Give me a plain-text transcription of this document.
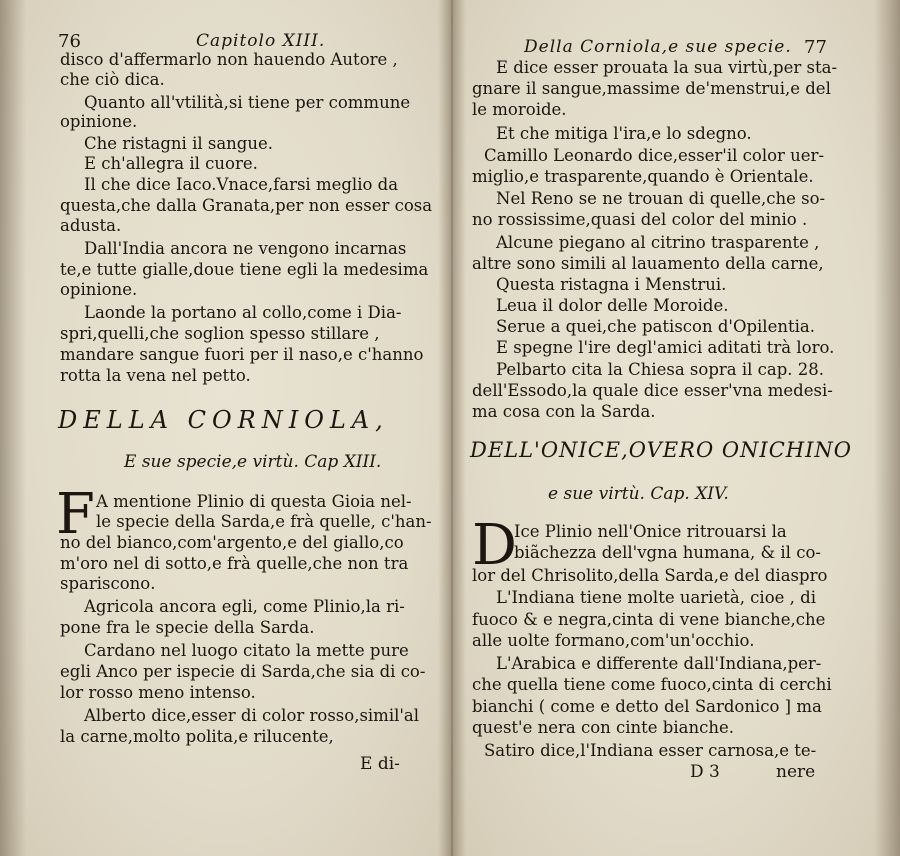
76	Capitolo XIII.
disco d'affermarlo non hauendo Autore ,
che ciò dica.
Quanto all'vtilità,si tiene per commune
opinione.
Che ristagni il sangue.
E ch'allegra il cuore.
Il che dice Iaco.Vnace,farsi meglio da
questa,che dalla Granata,per non esser cosa
adusta.
Dall'India ancora ne vengono incarnas
te,e tutte gialle,doue tiene egli la medesima
opinione.
Laonde la portano al collo,come i Dia-
spri,quelli,che soglion spesso stillare ,
mandare sangue fuori per il naso,e c'hanno
rotta la vena nel petto.
DELLA CORNIOLA,
E sue specie,e virtù. Cap XIII.
F A mentione Plinio di questa Gioia nel-
le specie della Sarda,e frà quelle, c'han-
no del bianco,com'argento,e del giallo,co
m'oro nel di sotto,e frà quelle,che non tra
sparisconο.
Agricola ancora egli, come Plinio,la ri-
pone fra le specie della Sarda.
Cardano nel luogo citato la mette pure
egli Anco per ispecie di Sarda,che sia di co-
lor rosso meno intenso.
Alberto dice,esser di color rosso,simil'al
la carne,molto polita,e rilucente,
E di-
Della Corniola,e sue specie. 77
E dice esser prouata la sua virtù,per sta-
gnare il sangue,massime de'menstrui,e del
le moroide.
Et che mitiga l'ira,e lo sdegno.
Camillo Leonardo dice,esser'il color uer-
miglio,e trasparente,quando è Orientale.
Nel Reno se ne trouan di quelle,che so-
no rossissime,quasi del color del minio .
Alcune piegano al citrino trasparente ,
altre sono simili al lauamento della carne,
Questa ristagna i Menstrui.
Leua il dolor delle Moroide.
Serue a quei,che patiscon d'Opilentia.
E spegne l'ire degl'amici aditati trà loro.
Pelbarto cita la Chiesa sopra il cap. 28.
dell'Essodo,la quale dice esser'vna medesi-
ma cosa con la Sarda.
DELL'ONICE,OVERO ONICHINO
e sue virtù. Cap. XIV.
D
Ice Plinio nell'Onice ritrouarsi la
biãchezza dell'vgna humana, & il co-
lor del Chrisolito,della Sarda,e del diaspro
L'Indiana tiene molte uarietà, cioe , di
fuoco & e negra,cinta di vene bianche,che
alle uolte formano,com'un'occhio.
L'Arabica e differente dall'Indiana,per-
che quella tiene come fuoco,cinta di cerchi
bianchi ( come e detto del Sardonico ] ma
quest'e nera con cinte bianche.
Satiro dice,l'Indiana esser carnosa,e te-
D 3	nere
